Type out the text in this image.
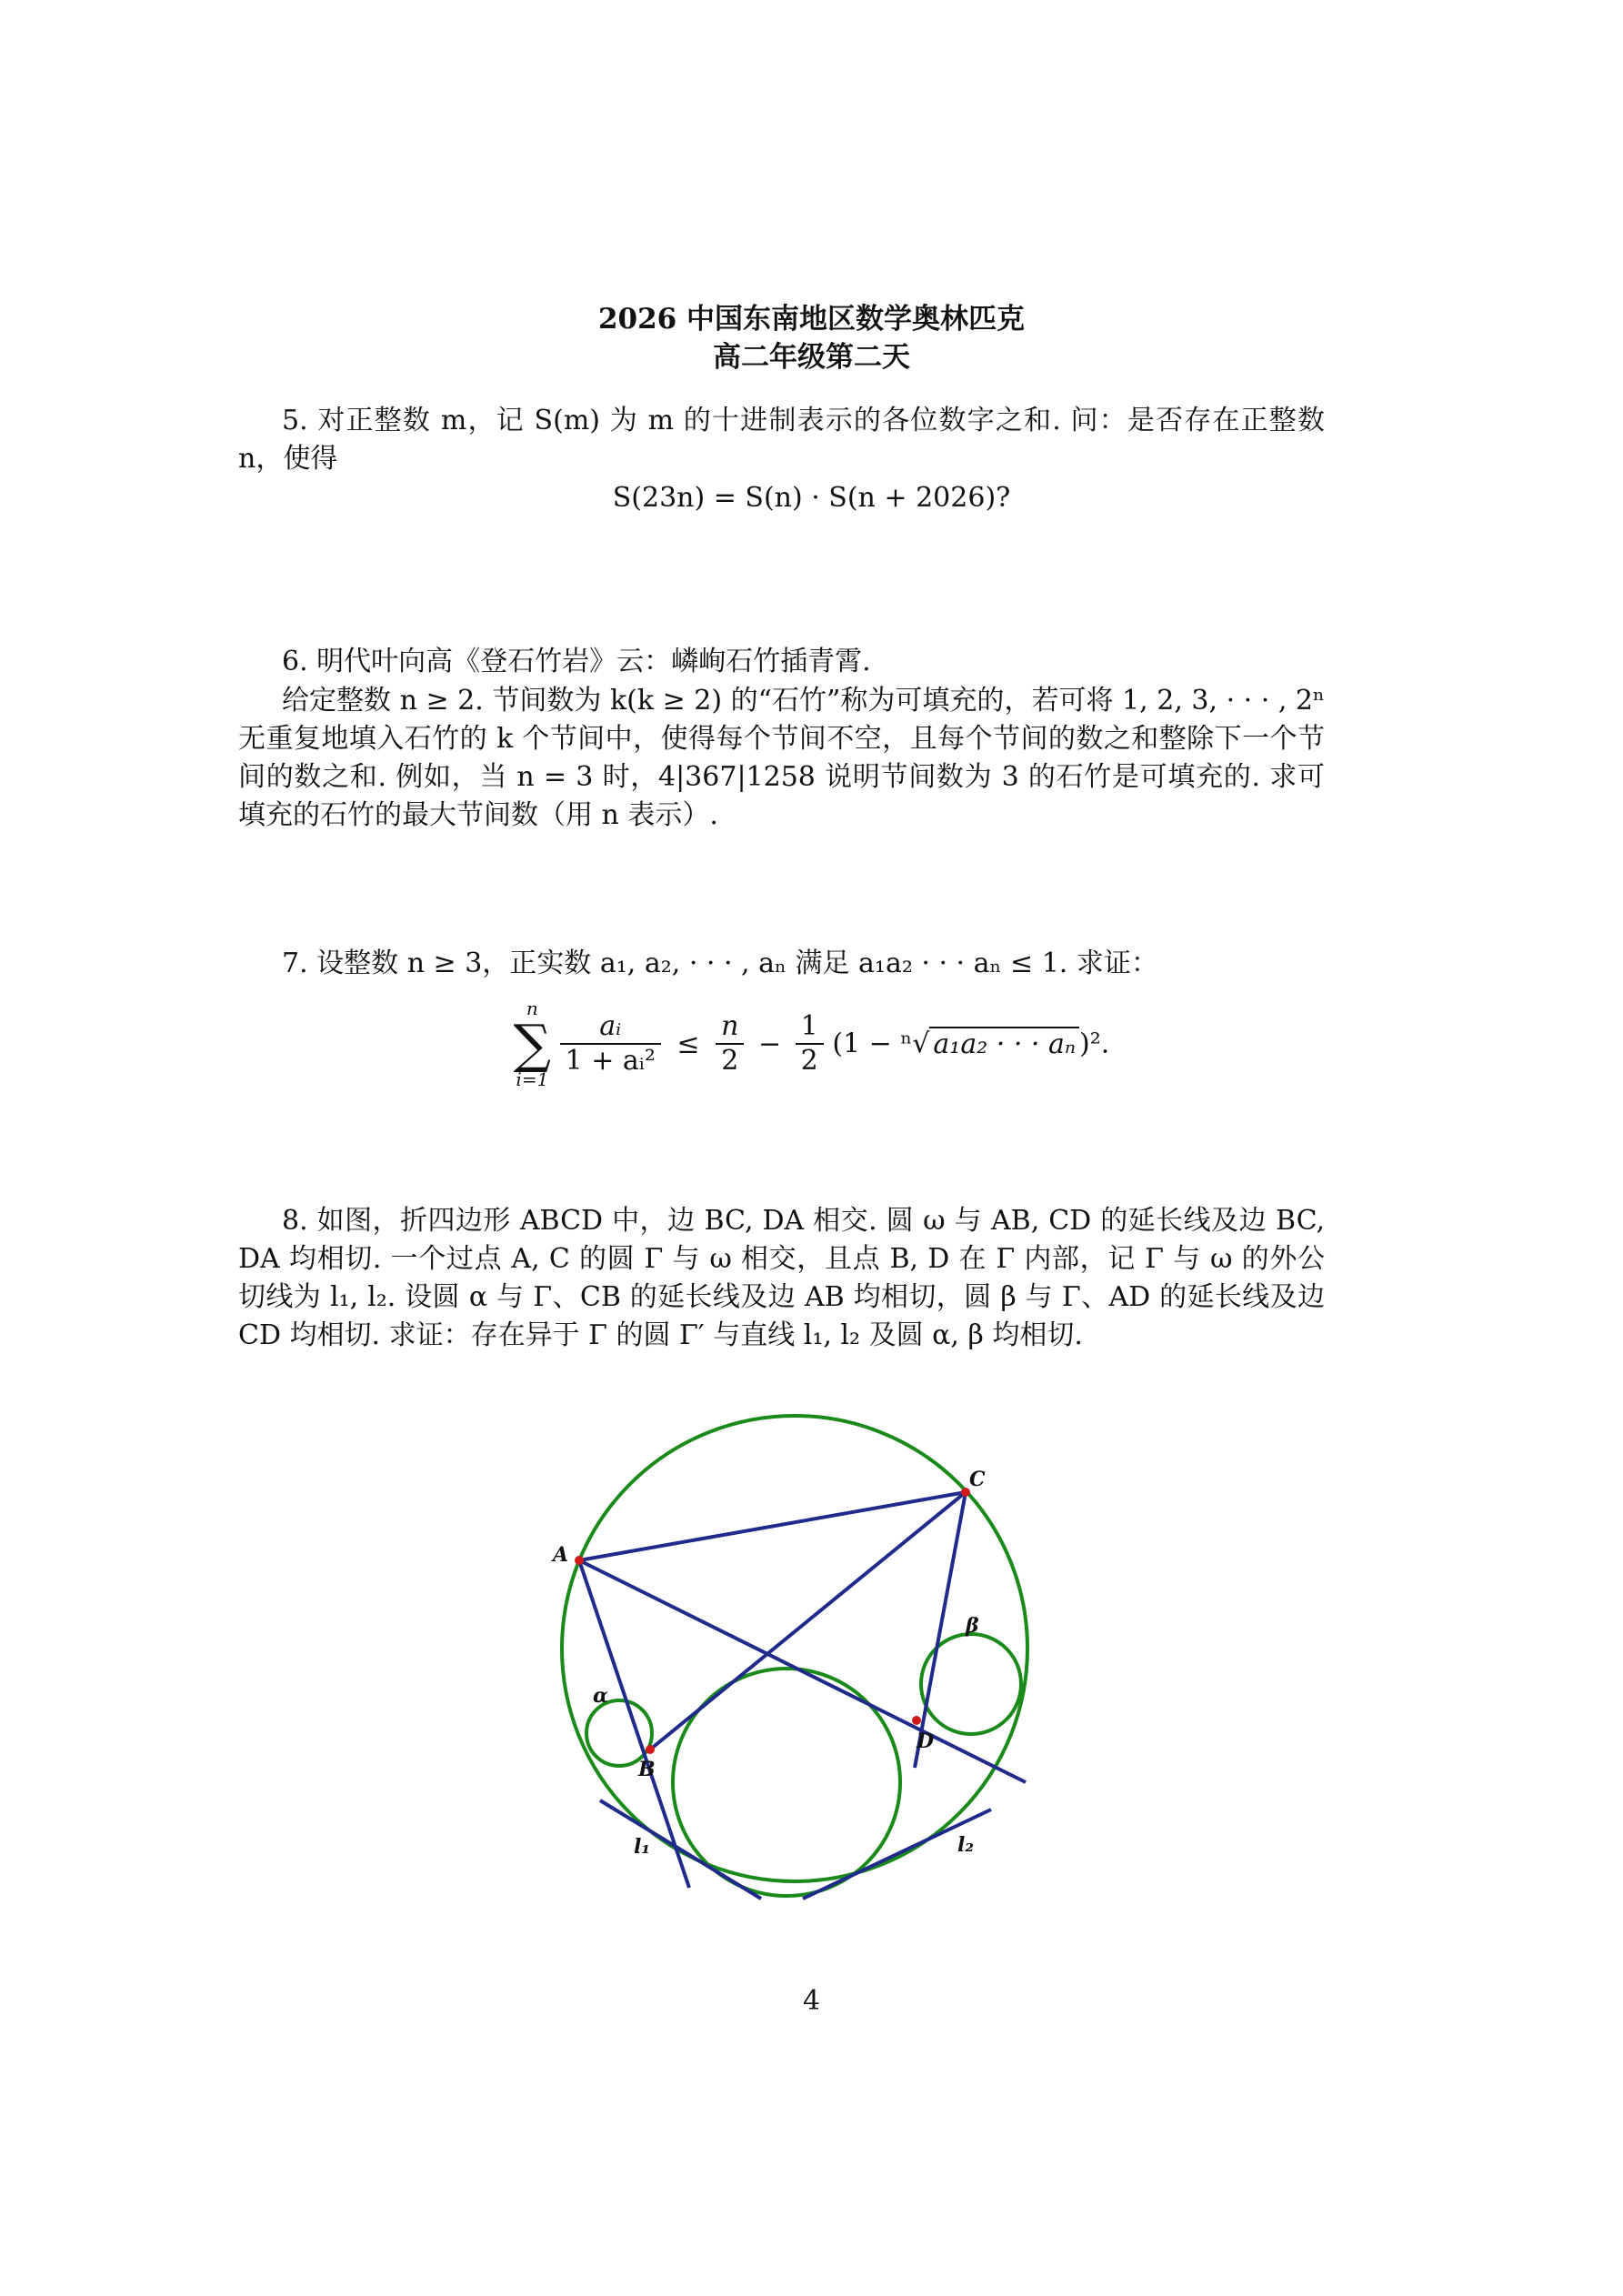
2026 中国东南地区数学奥林匹克
高二年级第二天

5. 对正整数 m，记 S(m) 为 m 的十进制表示的各位数字之和. 问：是否存在正整数 n，使得

S(23n) = S(n) · S(n + 2026)?

6. 明代叶向高《登石竹岩》云：嶙峋石竹插青霄.

给定整数 n ≥ 2. 节间数为 k(k ≥ 2) 的“石竹”称为可填充的，若可将 1, 2, 3, · · · , 2ⁿ 无重复地填入石竹的 k 个节间中，使得每个节间不空，且每个节间的数之和整除下一个节间的数之和. 例如，当 n = 3 时，4|367|1258 说明节间数为 3 的石竹是可填充的. 求可填充的石竹的最大节间数（用 n 表示）.

7. 设整数 n ≥ 3，正实数 a₁, a₂, · · · , aₙ 满足 a₁a₂ · · · aₙ ≤ 1. 求证：

n
∑
i=1

$\frac{\text{aᵢ}}{\text{1 + aᵢ²}} \le \frac{n}{2} - \frac{1}{2} (1 - ^n√$ a₁a₂ · · · aₙ )².

8. 如图，折四边形 ABCD 中，边 BC, DA 相交. 圆 ω 与 AB, CD 的延长线及边 BC, DA 均相切. 一个过点 A, C 的圆 Γ 与 ω 相交，且点 B, D 在 Γ 内部，记 Γ 与 ω 的外公切线为 l₁, l₂. 设圆 α 与 Γ、CB 的延长线及边 AB 均相切，圆 β 与 Γ、AD 的延长线及边 CD 均相切. 求证：存在异于 Γ 的圆 Γ′ 与直线 l₁, l₂ 及圆 α, β 均相切.

A
B
C
D
α
β
l₁	l₂
4
